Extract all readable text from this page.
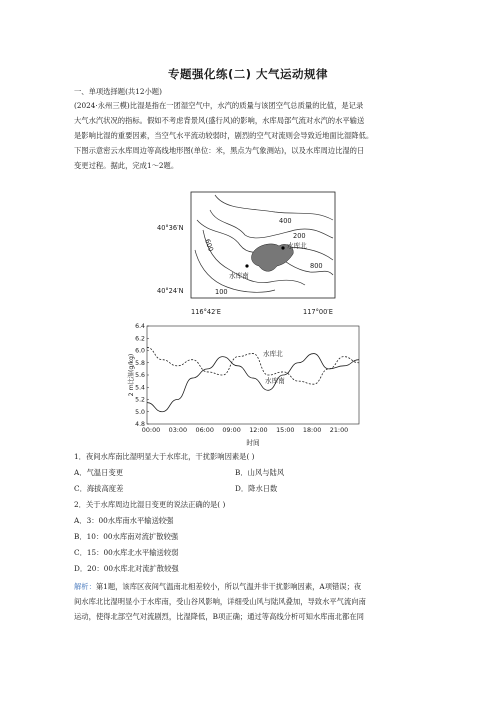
专题强化练(二) 大气运动规律
一、单项选择题(共12小题)
(2024·永州三模)比湿是指在一团湿空气中，水汽的质量与该团空气总质量的比值，是记录
大气水汽状况的指标。假如不考虑背景风(盛行风)的影响，水库局部气流对水汽的水平输送
是影响比湿的重要因素，当空气水平流动较弱时，剧烈的空气对流则会导致近地面比湿降低。
下图示意密云水库周边等高线地形图(单位：米，黑点为气象测站)，以及水库周边比湿的日
变更过程。据此，完成1～2题。
40°36′N
40°24′N
116°42′E	117°00′E
400
200
600
800
100
水库北
水库南
6.4
6.2
6.0
5.8
5.6
5.4
5.2
5.0
4.8
00:00 03:00 06:00 09:00 12:00 15:00 18:00 21:00
2 m比湿(g/kg)
时间
水库北
水库南
1．夜间水库南比湿明显大于水库北，干扰影响因素是( )
A．气温日变更	B．山风与陆风
C．海拔高度差	D．降水日数
2．关于水库周边比湿日变更的说法正确的是( )
A．3：00水库南水平输送较强
B．10：00水库南对流扩散较强
C．15：00水库北水平输送较弱
D．20：00水库北对流扩散较强
解析：第1题，该库区夜间气温南北相差较小，所以气温并非干扰影响因素，A项错误；夜
间水库北比湿明显小于水库南，受山谷风影响，详细受山风与陆风叠加，导致水平气流向南
运动，使得北部空气对流剧烈，比湿降低，B项正确；通过等高线分析可知水库南北都在同
